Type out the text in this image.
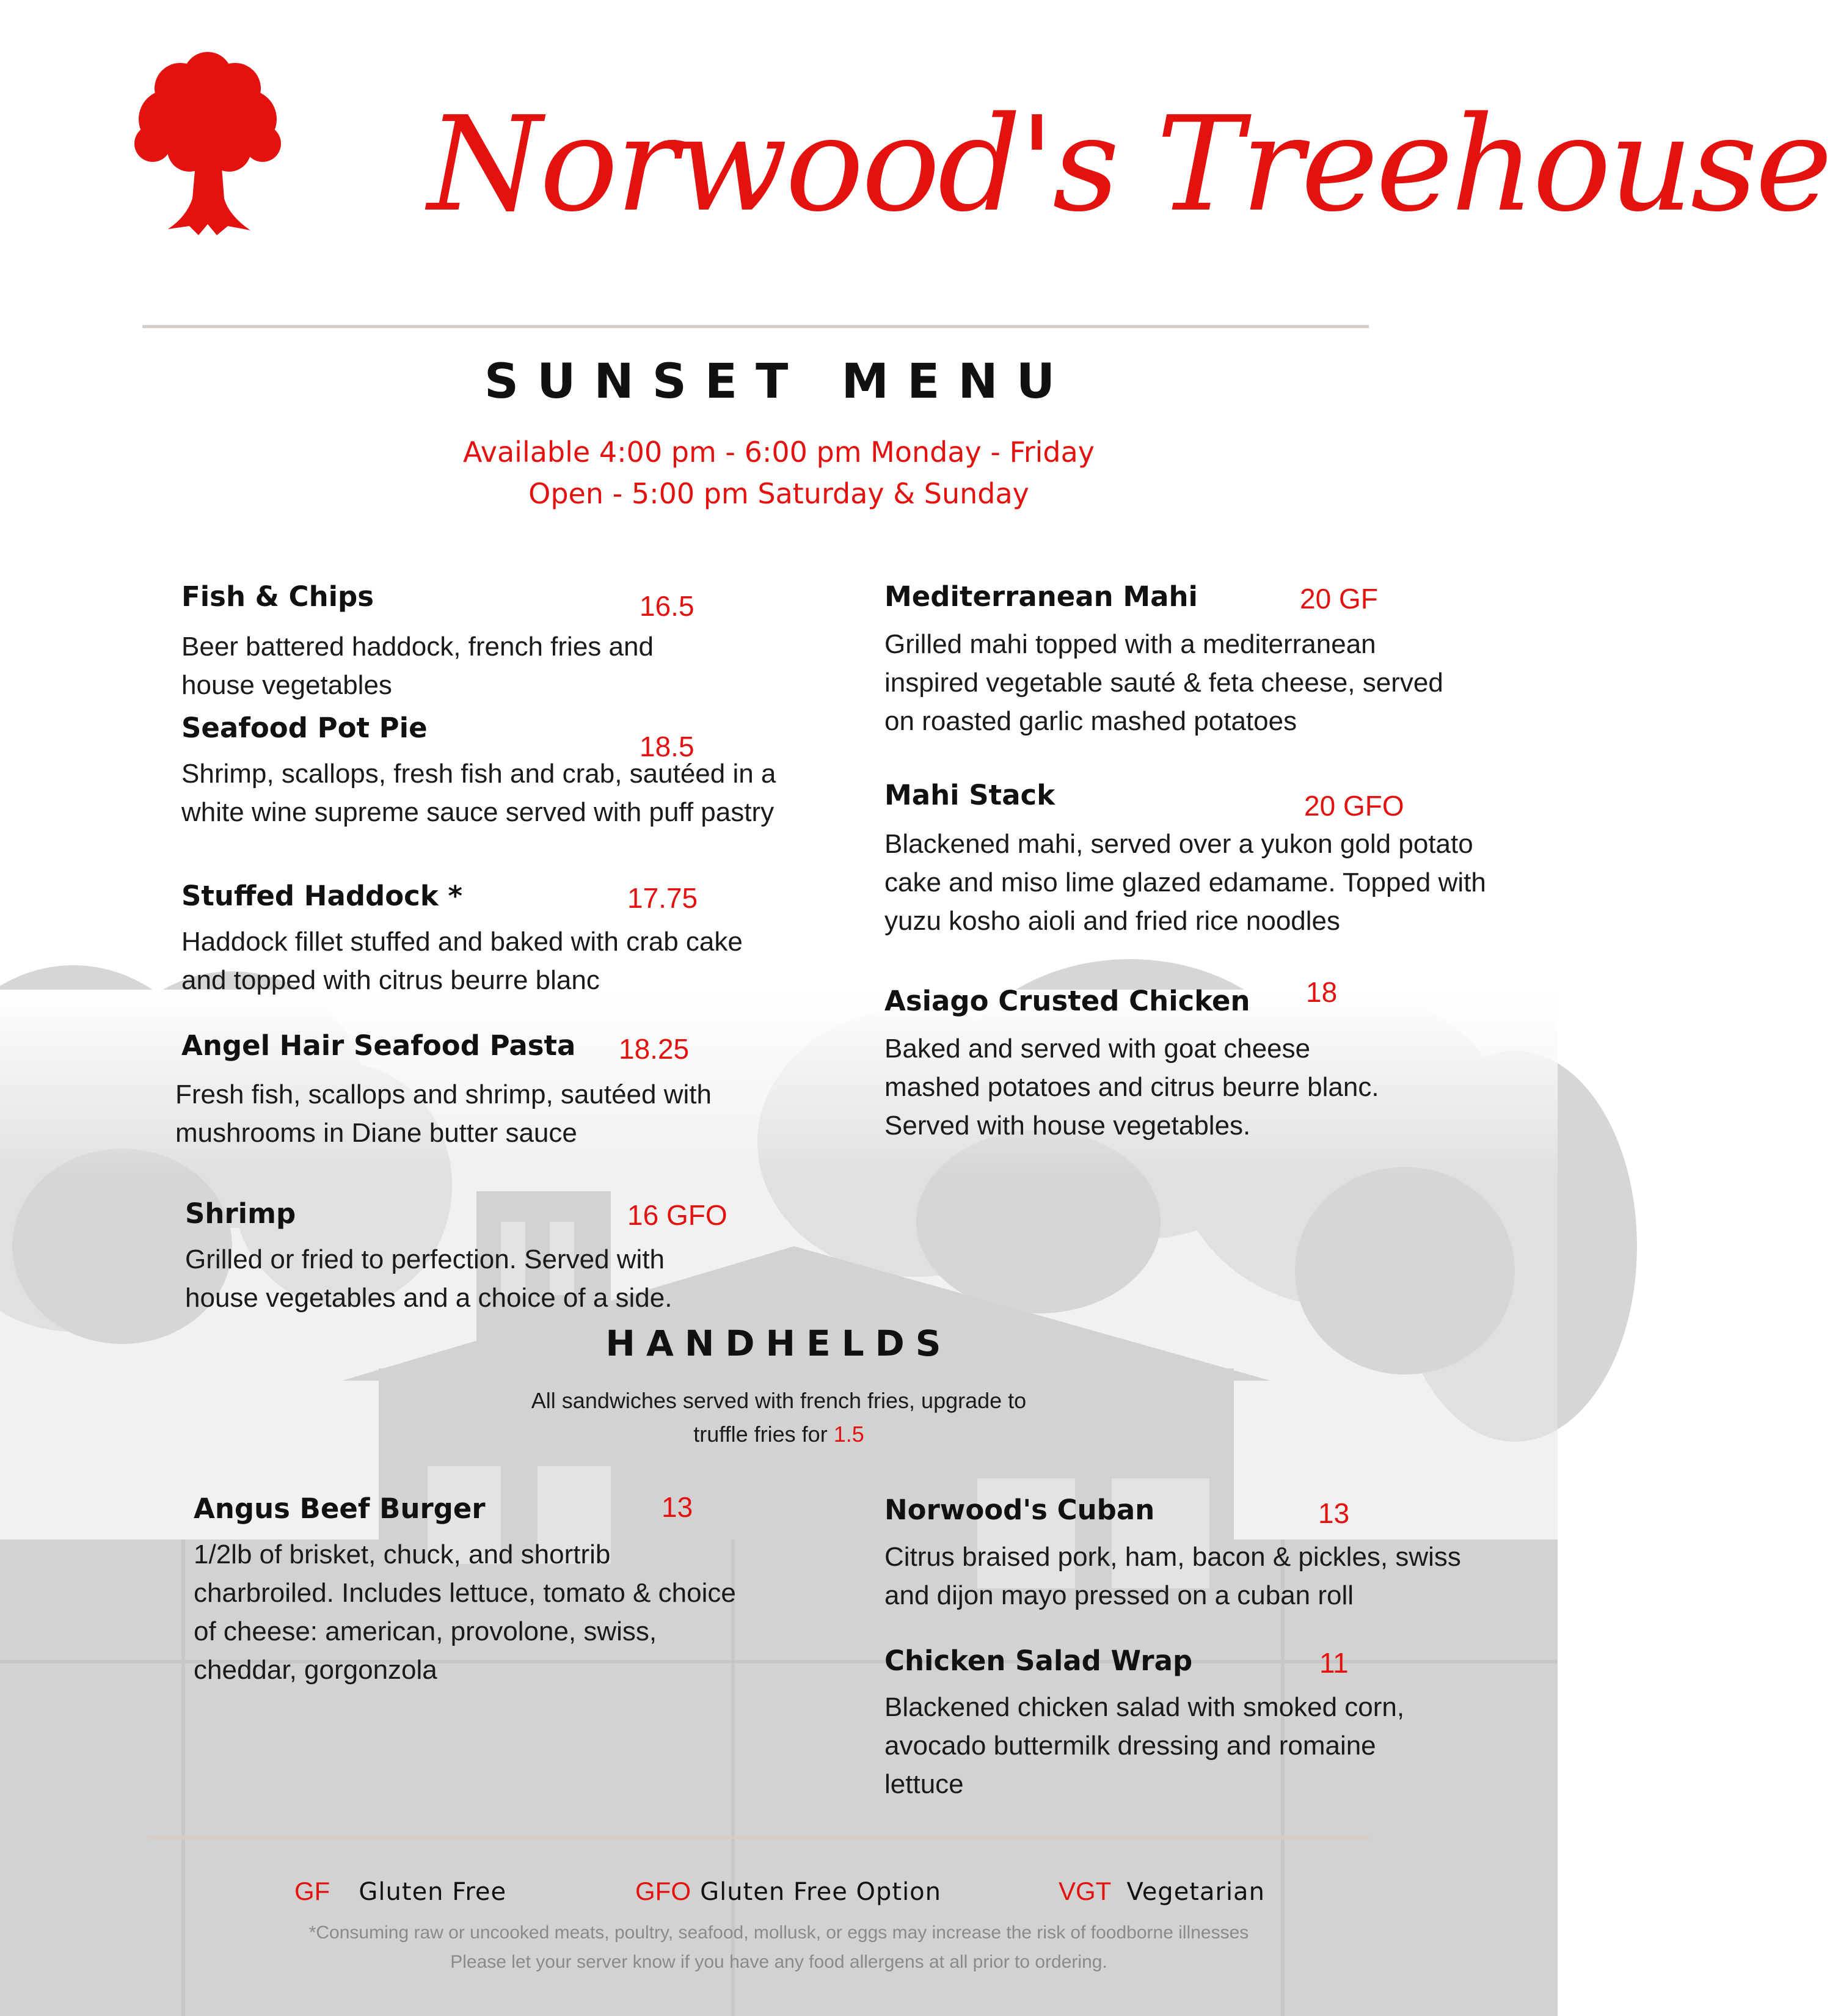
Norwood's Treehouse
SUNSET MENU
Available 4:00 pm - 6:00 pm Monday - Friday
Open - 5:00 pm Saturday & Sunday
Fish & Chips	16.5
Beer battered haddock, french fries and
house vegetables
Seafood Pot Pie
18.5
Shrimp, scallops, fresh fish and crab, sautéed in a
white wine supreme sauce served with puff pastry
Stuffed Haddock *	17.75
Haddock fillet stuffed and baked with crab cake
and topped with citrus beurre blanc
Angel Hair Seafood Pasta 18.25
Fresh fish, scallops and shrimp, sautéed with
mushrooms in Diane butter sauce
Shrimp	16 GFO
Grilled or fried to perfection. Served with
house vegetables and a choice of a side.
Mediterranean Mahi	20 GF
Grilled mahi topped with a mediterranean
inspired vegetable sauté & feta cheese, served
on roasted garlic mashed potatoes
Mahi Stack	20 GFO
Blackened mahi, served over a yukon gold potato
cake and miso lime glazed edamame. Topped with
yuzu kosho aioli and fried rice noodles
Asiago Crusted Chicken 18
Baked and served with goat cheese
mashed potatoes and citrus beurre blanc.
Served with house vegetables.
HANDHELDS
All sandwiches served with french fries, upgrade to
truffle fries for 1.5
Angus Beef Burger	13
1/2lb of brisket, chuck, and shortrib
charbroiled. Includes lettuce, tomato & choice
of cheese: american, provolone, swiss,
cheddar, gorgonzola
Norwood's Cuban	13
Citrus braised pork, ham, bacon & pickles, swiss
and dijon mayo pressed on a cuban roll
Chicken Salad Wrap	11
Blackened chicken salad with smoked corn,
avocado buttermilk dressing and romaine
lettuce
GF Gluten Free	GFO Gluten Free Option	VGT Vegetarian
*Consuming raw or uncooked meats, poultry, seafood, mollusk, or eggs may increase the risk of foodborne illnesses
Please let your server know if you have any food allergens at all prior to ordering.
